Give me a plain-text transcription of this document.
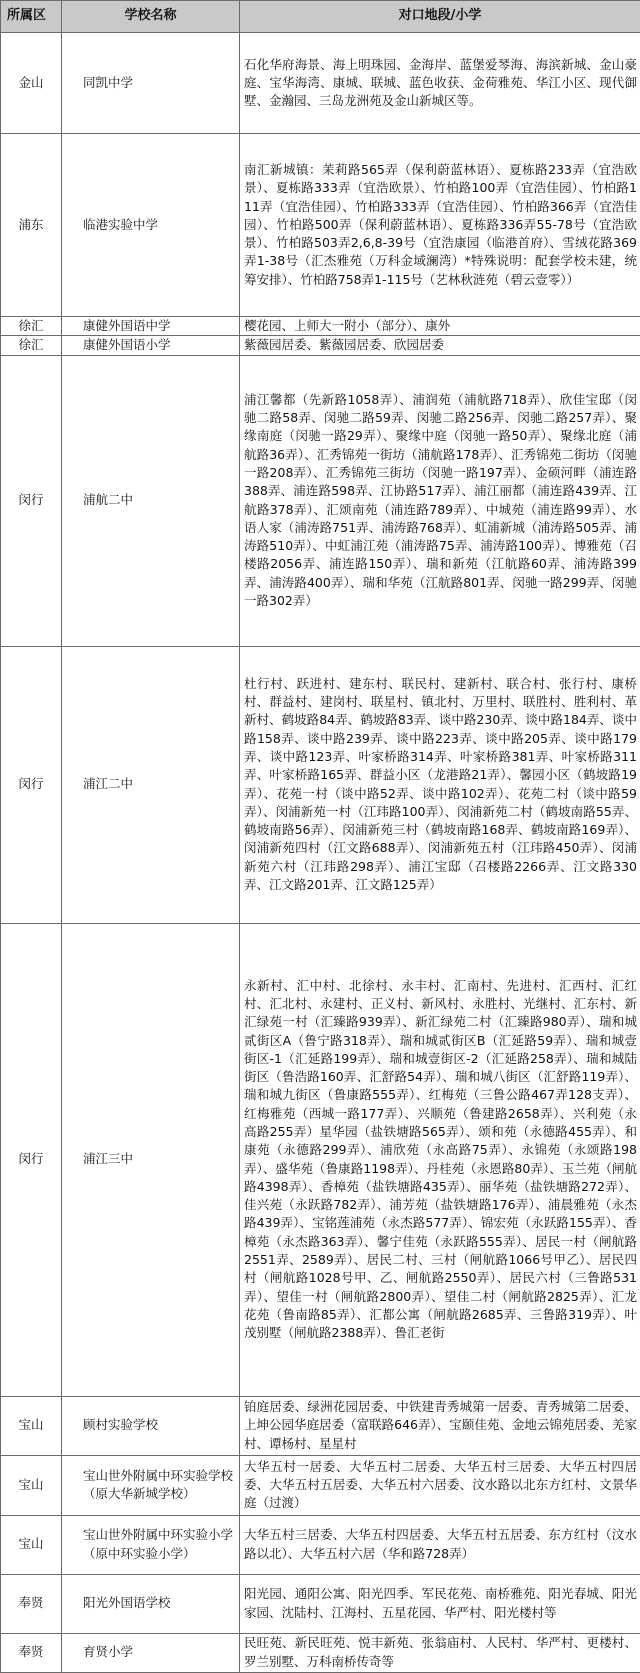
所属区	学校名称	对口地段/小学
金山	同凯中学	石化华府海景、海上明珠园、金海岸、蓝堡爱琴海、海滨新城、金山豪庭、宝华海湾、康城、联城、蓝色收获、金荷雅苑、华江小区、现代御墅、金瀚园、三岛龙洲苑及金山新城区等。
浦东	临港实验中学	南汇新城镇：茉莉路565弄（保利蔚蓝林语）、夏栋路233弄（宜浩欧景）、夏栋路333弄（宜浩欧景）、竹柏路100弄（宜浩佳园）、竹柏路111弄（宜浩佳园）、竹柏路333弄（宜浩佳园）、竹柏路366弄（宜浩佳园）、竹柏路500弄（保利蔚蓝林语）、夏栋路336弄55-78号（宜浩欧景）、竹柏路503弄2,6,8-39号（宜浩康园（临港首府）、雪绒花路369弄1-38号（汇杰雅苑（万科金域澜湾）*特殊说明：配套学校未建，统筹安排）、竹柏路758弄1-115号（艺林秋涟苑（碧云壹零））
徐汇	康健外国语中学	樱花园、上师大一附小（部分）、康外
徐汇	康健外国语小学	紫薇园居委、紫薇园居委、欣园居委
闵行	浦航二中	浦江馨都（先新路1058弄）、浦润苑（浦航路718弄）、欣佳宝邸（闵驰二路58弄、闵驰二路59弄、闵驰二路256弄、闵驰二路257弄）、聚缘南庭（闵驰一路29弄）、聚缘中庭（闵驰一路50弄）、聚缘北庭（浦航路36弄）、汇秀锦苑一街坊（浦航路178弄）、汇秀锦苑二街坊（闵驰一路208弄）、汇秀锦苑三街坊（闵驰一路197弄）、金硕河畔（浦连路388弄、浦连路598弄、江协路517弄）、浦江丽都（浦连路439弄、江航路378弄）、汇颂南苑（浦连路789弄）、中城苑（浦连路99弄）、水语人家（浦涛路751弄、浦涛路768弄）、虹浦新城（浦涛路505弄、浦涛路510弄）、中虹浦江苑（浦涛路75弄、浦涛路100弄）、博雅苑（召楼路2056弄、浦连路150弄）、瑞和新苑（江航路60弄、浦涛路399弄、浦涛路400弄）、瑞和华苑（江航路801弄、闵驰一路299弄、闵驰一路302弄）
闵行	浦江二中	杜行村、跃进村、建东村、联民村、建新村、联合村、张行村、康桥村、群益村、建岗村、联星村、镇北村、万里村、联胜村、胜利村、革新村、鹤坡路84弄、鹤坡路83弄、谈中路230弄、谈中路184弄、谈中路158弄、谈中路239弄、谈中路223弄、谈中路205弄、谈中路179弄、谈中路123弄、叶家桥路314弄、叶家桥路381弄、叶家桥路311弄、叶家桥路165弄、群益小区（龙港路21弄）、馨园小区（鹤坡路19弄）、花苑一村（谈中路52弄、谈中路102弄）、花苑二村（谈中路59弄）、闵浦新苑一村（江玮路100弄）、闵浦新苑二村（鹤坡南路55弄、鹤坡南路56弄）、闵浦新苑三村（鹤坡南路168弄、鹤坡南路169弄）、闵浦新苑四村（江文路688弄）、闵浦新苑五村（江玮路450弄）、闵浦新苑六村（江玮路298弄）、浦江宝邸（召楼路2266弄、江文路330弄、江文路201弄、江文路125弄）
闵行	浦江三中	永新村、汇中村、北徐村、永丰村、汇南村、先进村、汇西村、汇红村、汇北村、永建村、正义村、新风村、永胜村、光继村、汇东村、新汇绿苑一村（汇臻路939弄）、新汇绿苑二村（汇臻路980弄）、瑞和城贰街区A（鲁宁路318弄）、瑞和城贰街区B（汇延路59弄）、瑞和城壹街区-1（汇延路199弄）、瑞和城壹街区-2（汇延路258弄）、瑞和城陆街区（鲁浩路160弄、汇舒路54弄）、瑞和城八街区（汇舒路119弄）、瑞和城九街区（鲁康路555弄）、红梅苑（三鲁公路467弄128支弄）、红梅雅苑（西城一路177弄）、兴顺苑（鲁建路2658弄）、兴利苑（永高路255弄）星华园（盐铁塘路565弄）、颂和苑（永德路455弄）、和康苑（永德路299弄）、浦欣苑（永高路75弄）、永锦苑（永颂路198弄）、盛华苑（鲁康路1198弄）、丹桂苑（永恩路80弄）、玉兰苑（闸航路4398弄）、香樟苑（盐铁塘路435弄）、丽华苑（盐铁塘路272弄）、佳兴苑（永跃路782弄）、浦芳苑（盐铁塘路176弄）、浦晨雅苑（永杰路439弄）、宝铭莲浦苑（永杰路577弄）、锦宏苑（永跃路155弄）、香樟苑（永杰路363弄）、馨宁佳苑（永跃路555弄）、居民一村（闸航路2551弄、2589弄）、居民二村、三村（闸航路1066号甲乙）、居民四村（闸航路1028号甲、乙、闸航路2550弄）、居民六村（三鲁路531弄）、望佳一村（闸航路2800弄）、望佳二村（闸航路2825弄）、汇龙花苑（鲁南路85弄）、汇都公寓（闸航路2685弄、三鲁路319弄）、叶茂别墅（闸航路2388弄）、鲁汇老街
宝山	顾村实验学校	铂庭居委、绿洲花园居委、中铁建青秀城第一居委、青秀城第二居委、上坤公园华庭居委（富联路646弄）、宝颐佳苑、金地云锦苑居委、羌家村、谭杨村、星星村
宝山	宝山世外附属中环实验学校（原大华新城学校）	大华五村一居委、大华五村二居委、大华五村三居委、大华五村四居委、大华五村五居委、大华五村六居委、汶水路以北东方红村、文景华庭（过渡）
宝山	宝山世外附属中环实验小学（原中环实验小学）	大华五村三居委、大华五村四居委、大华五村五居委、东方红村（汶水路以北）、大华五村六居（华和路728弄）
奉贤	阳光外国语学校	阳光园、通阳公寓、阳光四季、军民花苑、南桥雅苑、阳光春城、阳光家园、沈陆村、江海村、五星花园、华严村、阳光楼村等
奉贤	育贤小学	民旺苑、新民旺苑、悦丰新苑、张翁庙村、人民村、华严村、更楼村、罗兰别墅、万科南桥传奇等
